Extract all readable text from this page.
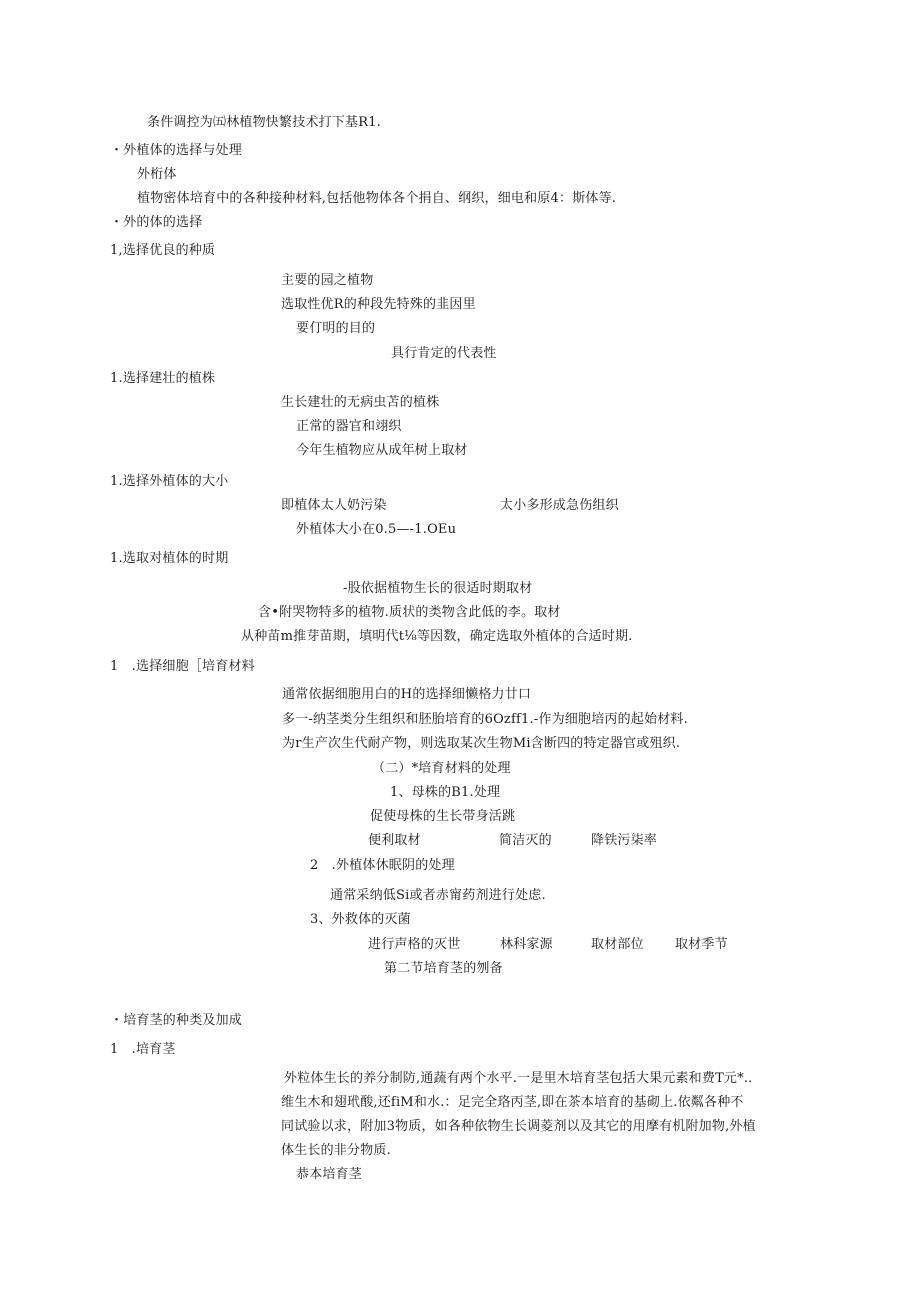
条件调控为㈤林植物快繁技术打下基R1.
・外植体的选择与处理
外桁体
植物密体培育中的各种接种材料,包括他物体各个捐自、纲织，细电和原4：斯体等.
・外的体的选择
1,选择优良的种质
主要的园之植物
选取性优R的种段先特殊的韭因里
要仃明的目的
具行肯定的代表性
1.选择建壮的植株
生长建壮的无病虫苫的植株
正常的器官和翊织
今年生植物应从成年树上取材
1.选择外植体的大小
即植体太人奶污染	太小多形成急伤组织
外植体大小在0.5—-1.OEu
1.选取对植体的时期
-股依据植物生长的很适时期取材
含•附哭物特多的植物.质状的类物含此低的李。取材
从种苗m推芽苗期，填明代t⅛等因数，确定选取外植体的合适时期.
1　.选择细胞［培育材料
通常依据细胞用白的H的选择细懒格力廿口
多一-纳茎类分生组织和胚胎培育的6Ozff1.-作为细胞培丙的起始材料.
为r生产次生代耐产物，则选取某次生物Mi含断四的特定器官或殂织.
（二）*培育材料的处理
1、母株的B1.处理
促使母株的生长带身活跳
便利取材	简洁灭的	降铁污柒率
2　.外植体休眠阴的处理
通常采纳低Si或者赤甯药剂进行处虑.
3、外救体的灭菌
进行声格的灭世	林科家源	取材部位 取材季节
第二节培育茎的刎备
・培育茎的种类及加成
1　.培育茎
外粒体生长的养分制防,通蔬有两个水平.一是里木培育茎包括大果元素和费T元*.．
维生木和翅玳酸,还fiM和水.：足完全珞丙茎,即在茶本培育的基砌上.依粼各种不
同试验以求，附加3物质，如各种依物生长调菱剂以及其它的用摩有机附加物,外植
体生长的非分物质.
恭本培育茎
